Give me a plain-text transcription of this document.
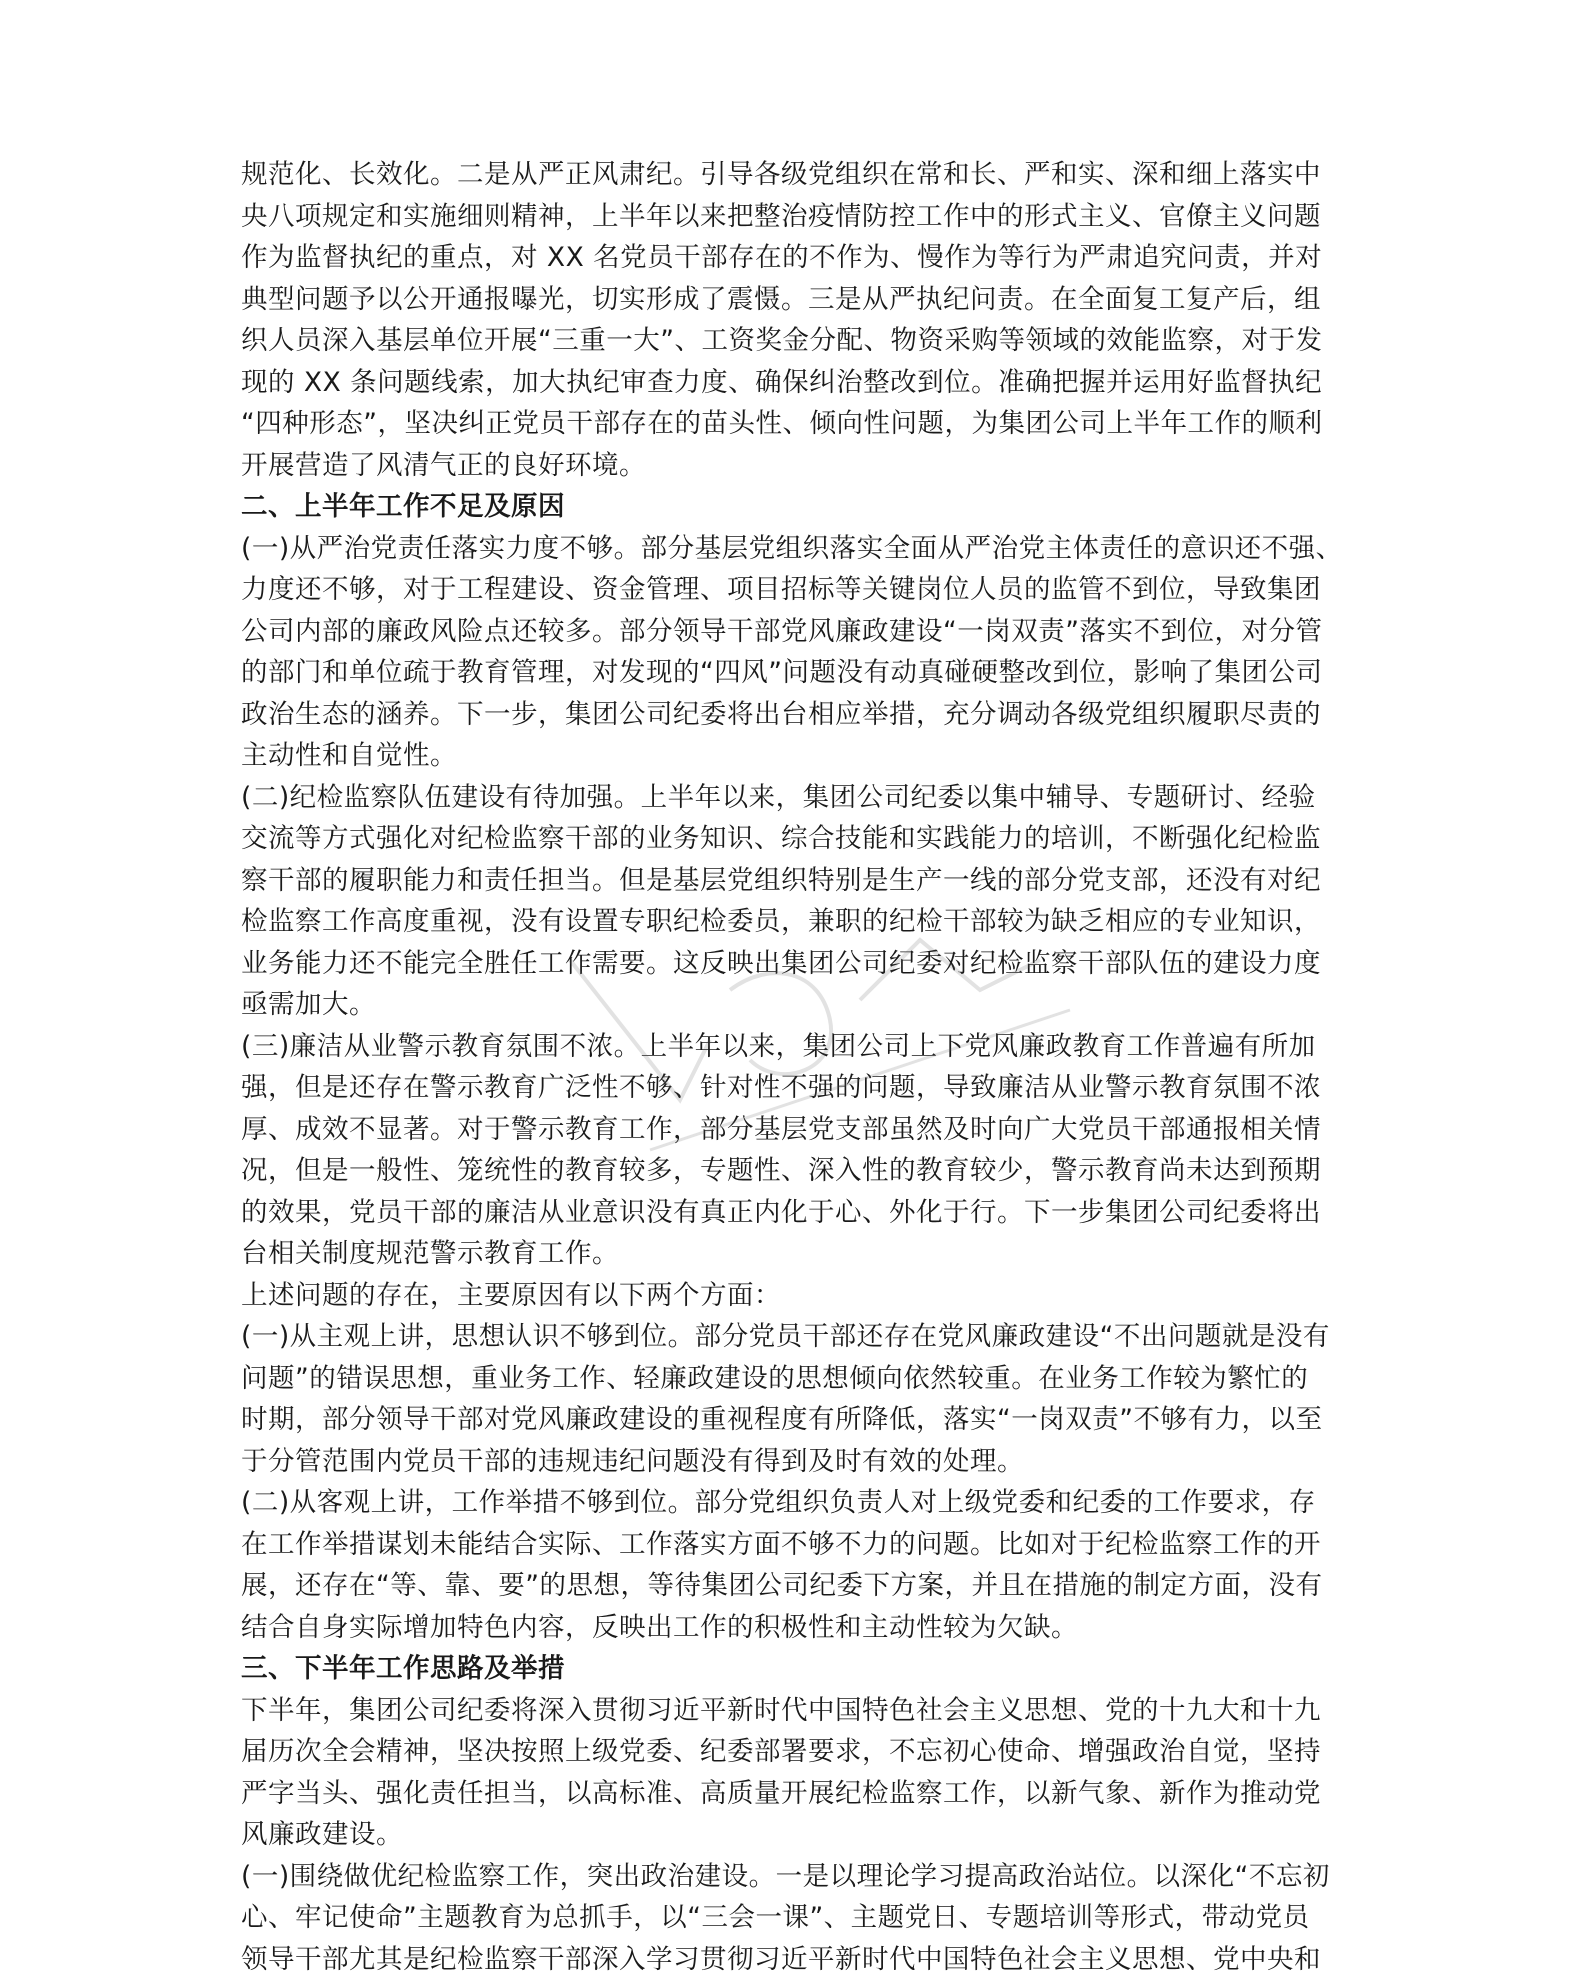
规范化、长效化。二是从严正风肃纪。引导各级党组织在常和长、严和实、深和细上落实中
央八项规定和实施细则精神，上半年以来把整治疫情防控工作中的形式主义、官僚主义问题
作为监督执纪的重点，对 XX 名党员干部存在的不作为、慢作为等行为严肃追究问责，并对
典型问题予以公开通报曝光，切实形成了震慑。三是从严执纪问责。在全面复工复产后，组
织人员深入基层单位开展“三重一大”、工资奖金分配、物资采购等领域的效能监察，对于发
现的 XX 条问题线索，加大执纪审查力度、确保纠治整改到位。准确把握并运用好监督执纪
“四种形态”，坚决纠正党员干部存在的苗头性、倾向性问题，为集团公司上半年工作的顺利
开展营造了风清气正的良好环境。
二、上半年工作不足及原因
(一)从严治党责任落实力度不够。部分基层党组织落实全面从严治党主体责任的意识还不强、
力度还不够，对于工程建设、资金管理、项目招标等关键岗位人员的监管不到位，导致集团
公司内部的廉政风险点还较多。部分领导干部党风廉政建设“一岗双责”落实不到位，对分管
的部门和单位疏于教育管理，对发现的“四风”问题没有动真碰硬整改到位，影响了集团公司
政治生态的涵养。下一步，集团公司纪委将出台相应举措，充分调动各级党组织履职尽责的
主动性和自觉性。
(二)纪检监察队伍建设有待加强。上半年以来，集团公司纪委以集中辅导、专题研讨、经验
交流等方式强化对纪检监察干部的业务知识、综合技能和实践能力的培训，不断强化纪检监
察干部的履职能力和责任担当。但是基层党组织特别是生产一线的部分党支部，还没有对纪
检监察工作高度重视，没有设置专职纪检委员，兼职的纪检干部较为缺乏相应的专业知识，
业务能力还不能完全胜任工作需要。这反映出集团公司纪委对纪检监察干部队伍的建设力度
亟需加大。
(三)廉洁从业警示教育氛围不浓。上半年以来，集团公司上下党风廉政教育工作普遍有所加
强，但是还存在警示教育广泛性不够、针对性不强的问题，导致廉洁从业警示教育氛围不浓
厚、成效不显著。对于警示教育工作，部分基层党支部虽然及时向广大党员干部通报相关情
况，但是一般性、笼统性的教育较多，专题性、深入性的教育较少，警示教育尚未达到预期
的效果，党员干部的廉洁从业意识没有真正内化于心、外化于行。下一步集团公司纪委将出
台相关制度规范警示教育工作。
上述问题的存在，主要原因有以下两个方面：
(一)从主观上讲，思想认识不够到位。部分党员干部还存在党风廉政建设“不出问题就是没有
问题”的错误思想，重业务工作、轻廉政建设的思想倾向依然较重。在业务工作较为繁忙的
时期，部分领导干部对党风廉政建设的重视程度有所降低，落实“一岗双责”不够有力，以至
于分管范围内党员干部的违规违纪问题没有得到及时有效的处理。
(二)从客观上讲，工作举措不够到位。部分党组织负责人对上级党委和纪委的工作要求，存
在工作举措谋划未能结合实际、工作落实方面不够不力的问题。比如对于纪检监察工作的开
展，还存在“等、靠、要”的思想，等待集团公司纪委下方案，并且在措施的制定方面，没有
结合自身实际增加特色内容，反映出工作的积极性和主动性较为欠缺。
三、下半年工作思路及举措
下半年，集团公司纪委将深入贯彻习近平新时代中国特色社会主义思想、党的十九大和十九
届历次全会精神，坚决按照上级党委、纪委部署要求，不忘初心使命、增强政治自觉，坚持
严字当头、强化责任担当，以高标准、高质量开展纪检监察工作，以新气象、新作为推动党
风廉政建设。
(一)围绕做优纪检监察工作，突出政治建设。一是以理论学习提高政治站位。以深化“不忘初
心、牢记使命”主题教育为总抓手，以“三会一课”、主题党日、专题培训等形式，带动党员
领导干部尤其是纪检监察干部深入学习贯彻习近平新时代中国特色社会主义思想、党中央和
